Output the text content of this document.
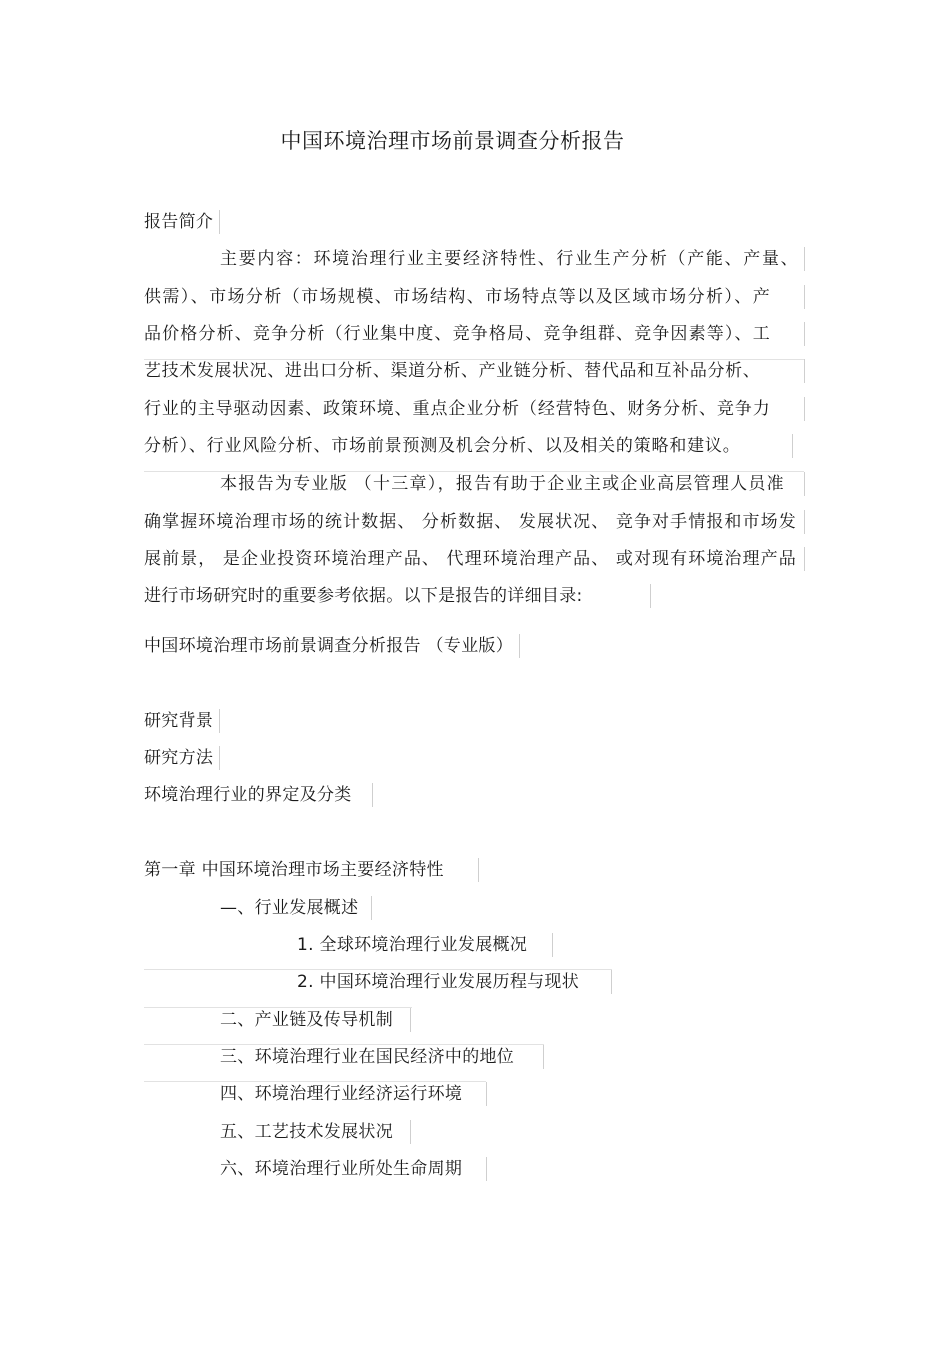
中国环境治理市场前景调查分析报告
报告简介
主要内容：环境治理行业主要经济特性、行业生产分析（产能、产量、
供需）、市场分析（市场规模、市场结构、市场特点等以及区域市场分析）、产
品价格分析、竞争分析（行业集中度、竞争格局、竞争组群、竞争因素等）、工
艺技术发展状况、进出口分析、渠道分析、产业链分析、替代品和互补品分析、
行业的主导驱动因素、政策环境、重点企业分析（经营特色、财务分析、竞争力
分析）、行业风险分析、市场前景预测及机会分析、以及相关的策略和建议。
本报告为专业版 （十三章），报告有助于企业主或企业高层管理人员准
确掌握环境治理市场的统计数据、 分析数据、 发展状况、 竞争对手情报和市场发
展前景， 是企业投资环境治理产品、 代理环境治理产品、 或对现有环境治理产品
进行市场研究时的重要参考依据。以下是报告的详细目录:
中国环境治理市场前景调查分析报告 （专业版）
研究背景
研究方法
环境治理行业的界定及分类
第一章 中国环境治理市场主要经济特性
—、行业发展概述
1. 全球环境治理行业发展概况
2. 中国环境治理行业发展历程与现状
二、产业链及传导机制
三、环境治理行业在国民经济中的地位
四、环境治理行业经济运行环境
五、工艺技术发展状况
六、环境治理行业所处生命周期
